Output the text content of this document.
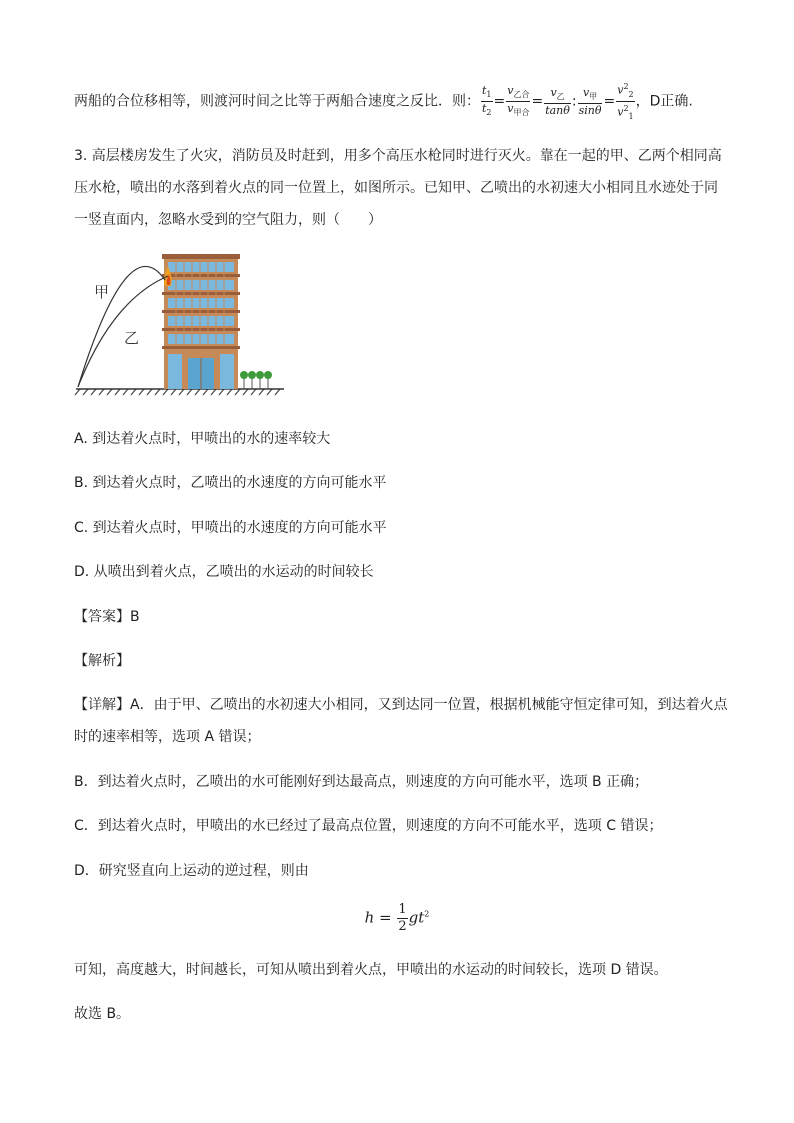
两船的合位移相等，则渡河时间之比等于两船合速度之反比．则： $\frac{t_1}{t_2} = \frac{v_{乙合}}{v_{甲合}} = \frac{v_乙}{\tan\theta}$ : $\frac{v_甲}{\sin\theta} = \frac{v^2_2}{v^2_1}$ ，D正确.
3. 高层楼房发生了火灾，消防员及时赶到，用多个高压水枪同时进行灭火。靠在一起的甲、乙两个相同高
压水枪，喷出的水落到着火点的同一位置上，如图所示。已知甲、乙喷出的水初速大小相同且水迹处于同
一竖直面内，忽略水受到的空气阻力，则（　　）
甲
乙
A. 到达着火点时，甲喷出的水的速率较大
B. 到达着火点时，乙喷出的水速度的方向可能水平
C. 到达着火点时，甲喷出的水速度的方向可能水平
D. 从喷出到着火点，乙喷出的水运动的时间较长
【答案】B
【解析】
【详解】A．由于甲、乙喷出的水初速大小相同，又到达同一位置，根据机械能守恒定律可知，到达着火点
时的速率相等，选项 A 错误；
B．到达着火点时，乙喷出的水可能刚好到达最高点，则速度的方向可能水平，选项 B 正确；
C．到达着火点时，甲喷出的水已经过了最高点位置，则速度的方向不可能水平，选项 C 错误；
D．研究竖直向上运动的逆过程，则由
$h = \frac{1}{2} gt^2$
可知，高度越大，时间越长，可知从喷出到着火点，甲喷出的水运动的时间较长，选项 D 错误。
故选 B。
